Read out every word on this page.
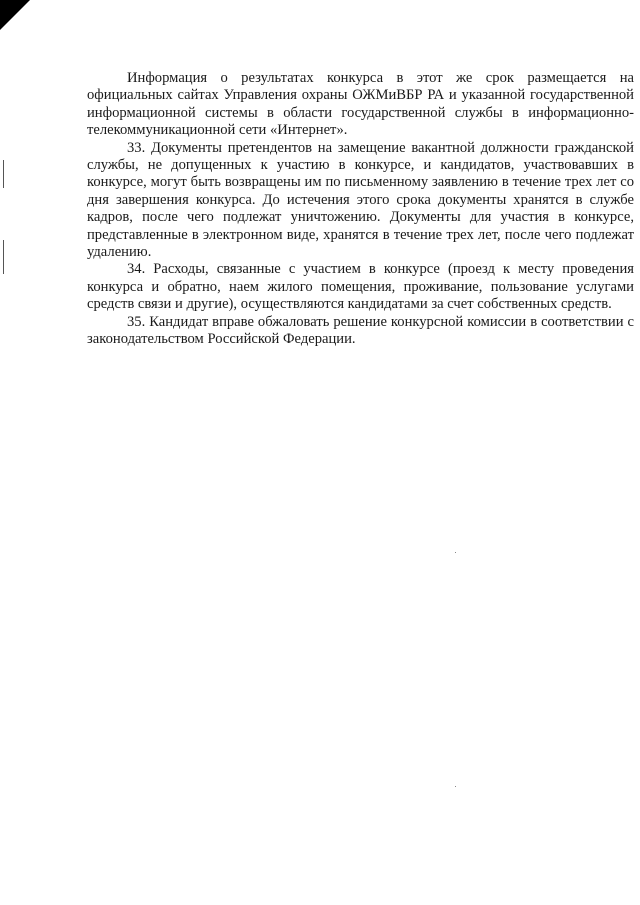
Информация о результатах конкурса в этот же срок размещается на официальных сайтах Управления охраны ОЖМиВБР РА и указанной государственной информационной системы в области государственной службы в информационно-телекоммуникационной сети «Интернет».

33. Документы претендентов на замещение вакантной должности гражданской службы, не допущенных к участию в конкурсе, и кандидатов, участвовавших в конкурсе, могут быть возвращены им по письменному заявлению в течение трех лет со дня завершения конкурса. До истечения этого срока документы хранятся в службе кадров, после чего подлежат уничтожению. Документы для участия в конкурсе, представленные в электронном виде, хранятся в течение трех лет, после чего подлежат удалению.

34. Расходы, связанные с участием в конкурсе (проезд к месту проведения конкурса и обратно, наем жилого помещения, проживание, пользование услугами средств связи и другие), осуществляются кандидатами за счет собственных средств.

35. Кандидат вправе обжаловать решение конкурсной комиссии в соответствии с законодательством Российской Федерации.
